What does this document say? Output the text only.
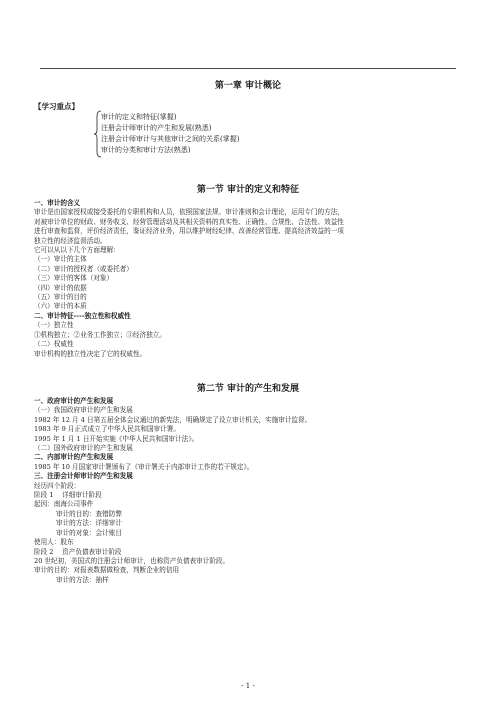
第一章 审计概论
【学习重点】
审计的定义和特征(掌握)
注册会计师审计的产生和发展(熟悉)
注册会计师审计与其他审计之间的关系(掌握)
审计的分类和审计方法(熟悉)
第一节 审计的定义和特征

一、审计的含义

审计是由国家授权或接受委托的专职机构和人员，依照国家法规、审计准则和会计理论，运用专门的方法，

对被审计单位的财政、财务收支、经营管理活动及其相关资料的真实性、正确性、合规性、合法性、效益性

进行审查和监督，评价经济责任，鉴证经济业务，用以维护财经纪律、改善经营管理、提高经济效益的一项

独立性的经济监督活动。

它可以从以下几个方面理解：

（一）审计的主体

（二）审计的授权者（或委托者）

（三）审计的客体（对象）

（四）审计的依据

（五）审计的目的

（六）审计的本质

二、审计特征----独立性和权威性

（一）独立性

①机构独立；②业务工作独立；③经济独立。

（二）权威性

审计机构的独立性决定了它的权威性。

第二节 审计的产生和发展

一、政府审计的产生和发展

（一）我国政府审计的产生和发展

1982 年 12 月 4 日第五届全体会议通过的新宪法，明确规定了设立审计机关，实施审计监督。

1983 年 9 月正式成立了中华人民共和国审计署。

1995 年 1 月 1 日开始实施《中华人民共和国审计法》。

（二）国外政府审计的产生和发展

二、内部审计的产生和发展

1985 年 10 月国家审计署颁布了《审计署关于内部审计工作的若干规定》。

三、注册会计师审计的产生和发展

经历四个阶段：

阶段 1　 详细审计阶段

起因：南海公司事件

审计的目的：查错防弊

审计的方法：详细审计

审计的对象：会计账目

使用人：股东

阶段 2　 资产负债表审计阶段

20 世纪初，美国式的注册会计师审计，也称资产负债表审计阶段。

审计的目的：对报表数据做检查，判断企业的信用

审计的方法：抽样

- 1 -
